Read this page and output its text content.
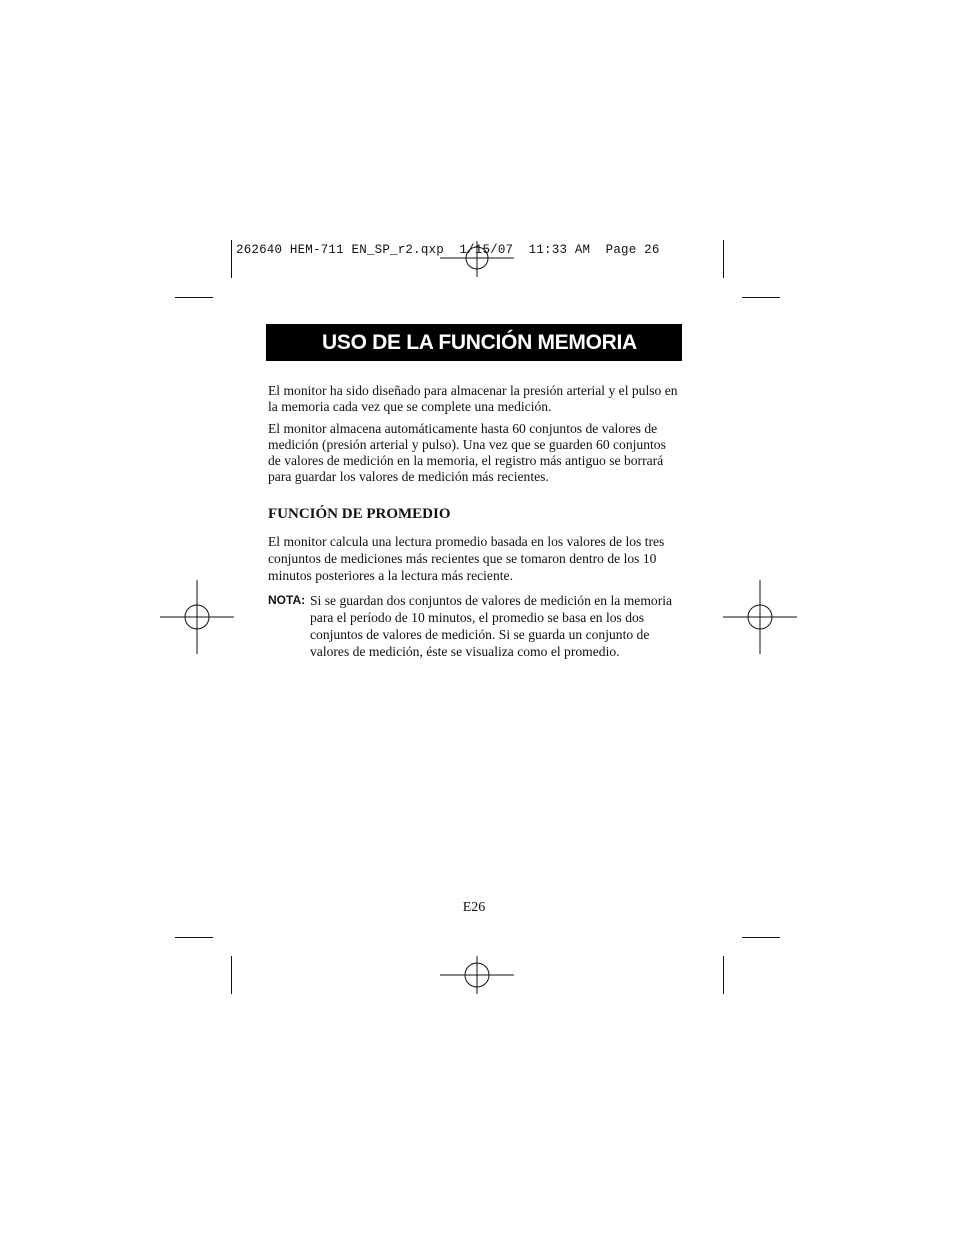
262640 HEM-711 EN_SP_r2.qxp  1/15/07  11:33 AM  Page 26
USO DE LA FUNCIÓN MEMORIA

El monitor ha sido diseñado para almacenar la presión arterial y el pulso en la memoria cada vez que se complete una medición.

El monitor almacena automáticamente hasta 60 conjuntos de valores de medición (presión arterial y pulso). Una vez que se guarden 60 conjuntos de valores de medición en la memoria, el registro más antiguo se borrará para guardar los valores de medición más recientes.

FUNCIÓN DE PROMEDIO

El monitor calcula una lectura promedio basada en los valores de los tres conjuntos de mediciones más recientes que se tomaron dentro de los 10 minutos posteriores a la lectura más reciente.

NOTA: Si se guardan dos conjuntos de valores de medición en la memoria para el período de 10 minutos, el promedio se basa en los dos conjuntos de valores de medición. Si se guarda un conjunto de valores de medición, éste se visualiza como el promedio.
E26
